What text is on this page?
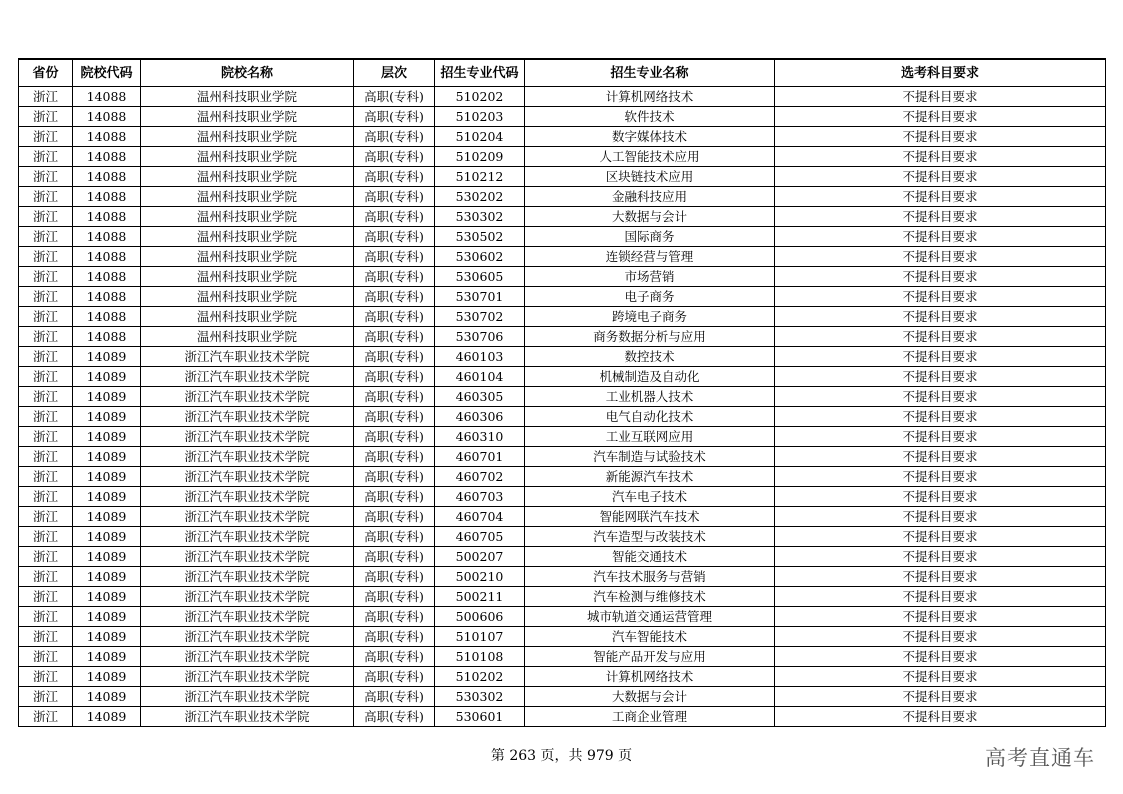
省份	院校代码	院校名称	层次	招生专业代码	招生专业名称	选考科目要求
浙江	14088	温州科技职业学院	高职(专科)	510202	计算机网络技术	不提科目要求
浙江	14088	温州科技职业学院	高职(专科)	510203	软件技术	不提科目要求
浙江	14088	温州科技职业学院	高职(专科)	510204	数字媒体技术	不提科目要求
浙江	14088	温州科技职业学院	高职(专科)	510209	人工智能技术应用	不提科目要求
浙江	14088	温州科技职业学院	高职(专科)	510212	区块链技术应用	不提科目要求
浙江	14088	温州科技职业学院	高职(专科)	530202	金融科技应用	不提科目要求
浙江	14088	温州科技职业学院	高职(专科)	530302	大数据与会计	不提科目要求
浙江	14088	温州科技职业学院	高职(专科)	530502	国际商务	不提科目要求
浙江	14088	温州科技职业学院	高职(专科)	530602	连锁经营与管理	不提科目要求
浙江	14088	温州科技职业学院	高职(专科)	530605	市场营销	不提科目要求
浙江	14088	温州科技职业学院	高职(专科)	530701	电子商务	不提科目要求
浙江	14088	温州科技职业学院	高职(专科)	530702	跨境电子商务	不提科目要求
浙江	14088	温州科技职业学院	高职(专科)	530706	商务数据分析与应用	不提科目要求
浙江	14089	浙江汽车职业技术学院	高职(专科)	460103	数控技术	不提科目要求
浙江	14089	浙江汽车职业技术学院	高职(专科)	460104	机械制造及自动化	不提科目要求
浙江	14089	浙江汽车职业技术学院	高职(专科)	460305	工业机器人技术	不提科目要求
浙江	14089	浙江汽车职业技术学院	高职(专科)	460306	电气自动化技术	不提科目要求
浙江	14089	浙江汽车职业技术学院	高职(专科)	460310	工业互联网应用	不提科目要求
浙江	14089	浙江汽车职业技术学院	高职(专科)	460701	汽车制造与试验技术	不提科目要求
浙江	14089	浙江汽车职业技术学院	高职(专科)	460702	新能源汽车技术	不提科目要求
浙江	14089	浙江汽车职业技术学院	高职(专科)	460703	汽车电子技术	不提科目要求
浙江	14089	浙江汽车职业技术学院	高职(专科)	460704	智能网联汽车技术	不提科目要求
浙江	14089	浙江汽车职业技术学院	高职(专科)	460705	汽车造型与改装技术	不提科目要求
浙江	14089	浙江汽车职业技术学院	高职(专科)	500207	智能交通技术	不提科目要求
浙江	14089	浙江汽车职业技术学院	高职(专科)	500210	汽车技术服务与营销	不提科目要求
浙江	14089	浙江汽车职业技术学院	高职(专科)	500211	汽车检测与维修技术	不提科目要求
浙江	14089	浙江汽车职业技术学院	高职(专科)	500606	城市轨道交通运营管理	不提科目要求
浙江	14089	浙江汽车职业技术学院	高职(专科)	510107	汽车智能技术	不提科目要求
浙江	14089	浙江汽车职业技术学院	高职(专科)	510108	智能产品开发与应用	不提科目要求
浙江	14089	浙江汽车职业技术学院	高职(专科)	510202	计算机网络技术	不提科目要求
浙江	14089	浙江汽车职业技术学院	高职(专科)	530302	大数据与会计	不提科目要求
浙江	14089	浙江汽车职业技术学院	高职(专科)	530601	工商企业管理	不提科目要求
第 263 页，共 979 页	高考直通车
